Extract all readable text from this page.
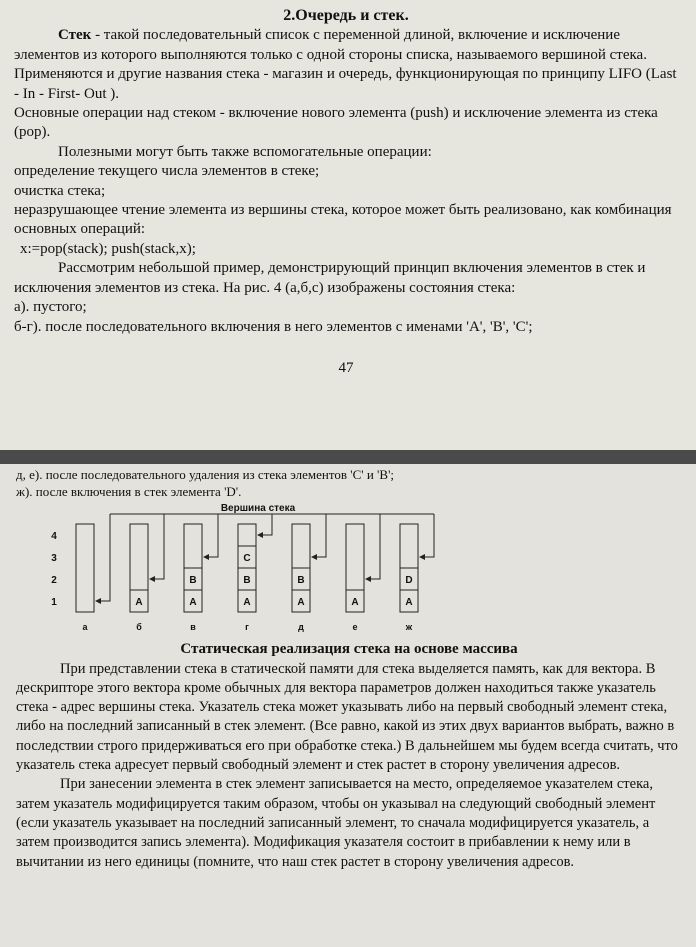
2.Очередь и стек.

Стек - такой последовательный список с переменной длиной, включение и исключение элементов из которого выполняются только с одной стороны списка, называемого вершиной стека. Применяются и другие названия стека - магазин и очередь, функционирующая по принципу LIFO (Last - In - First- Out ).

Основные операции над стеком - включение нового элемента (push) и исключение элемента из стека (pop).

Полезными могут быть также вспомогательные операции:

определение текущего числа элементов в стеке;

очистка стека;

неразрушающее чтение элемента из вершины стека, которое может быть реализовано, как комбинация основных операций:

x:=pop(stack); push(stack,x);

Рассмотрим небольшой пример, демонстрирующий принцип включения элементов в стек и исключения элементов из стека. На рис. 4 (а,б,с) изображены состояния стека:

а). пустого;

б-г). после последовательного включения в него элементов с именами 'А', 'В', 'С';

47

д, е). после последовательного удаления из стека элементов 'С' и 'В';

ж). после включения в стек элемента 'D'.

Вершина стека
4
3
2
1
а
A
б
A
B
в
A
B
C
г
A
B
д
A
е
A
D
ж
Статическая реализация стека на основе массива

При представлении стека в статической памяти для стека выделяется память, как для вектора. В дескрипторе этого вектора кроме обычных для вектора параметров должен находиться также указатель стека - адрес вершины стека. Указатель стека может указывать либо на первый свободный элемент стека, либо на последний записанный в стек элемент. (Все равно, какой из этих двух вариантов выбрать, важно в последствии строго придерживаться его при обработке стека.) В дальнейшем мы будем всегда считать, что указатель стека адресует первый свободный элемент и стек растет в сторону увеличения адресов.

При занесении элемента в стек элемент записывается на место, определяемое указателем стека, затем указатель модифицируется таким образом, чтобы он указывал на следующий свободный элемент (если указатель указывает на последний записанный элемент, то сначала модифицируется указатель, а затем производится запись элемента). Модификация указателя состоит в прибавлении к нему или в вычитании из него единицы (помните, что наш стек растет в сторону увеличения адресов.
